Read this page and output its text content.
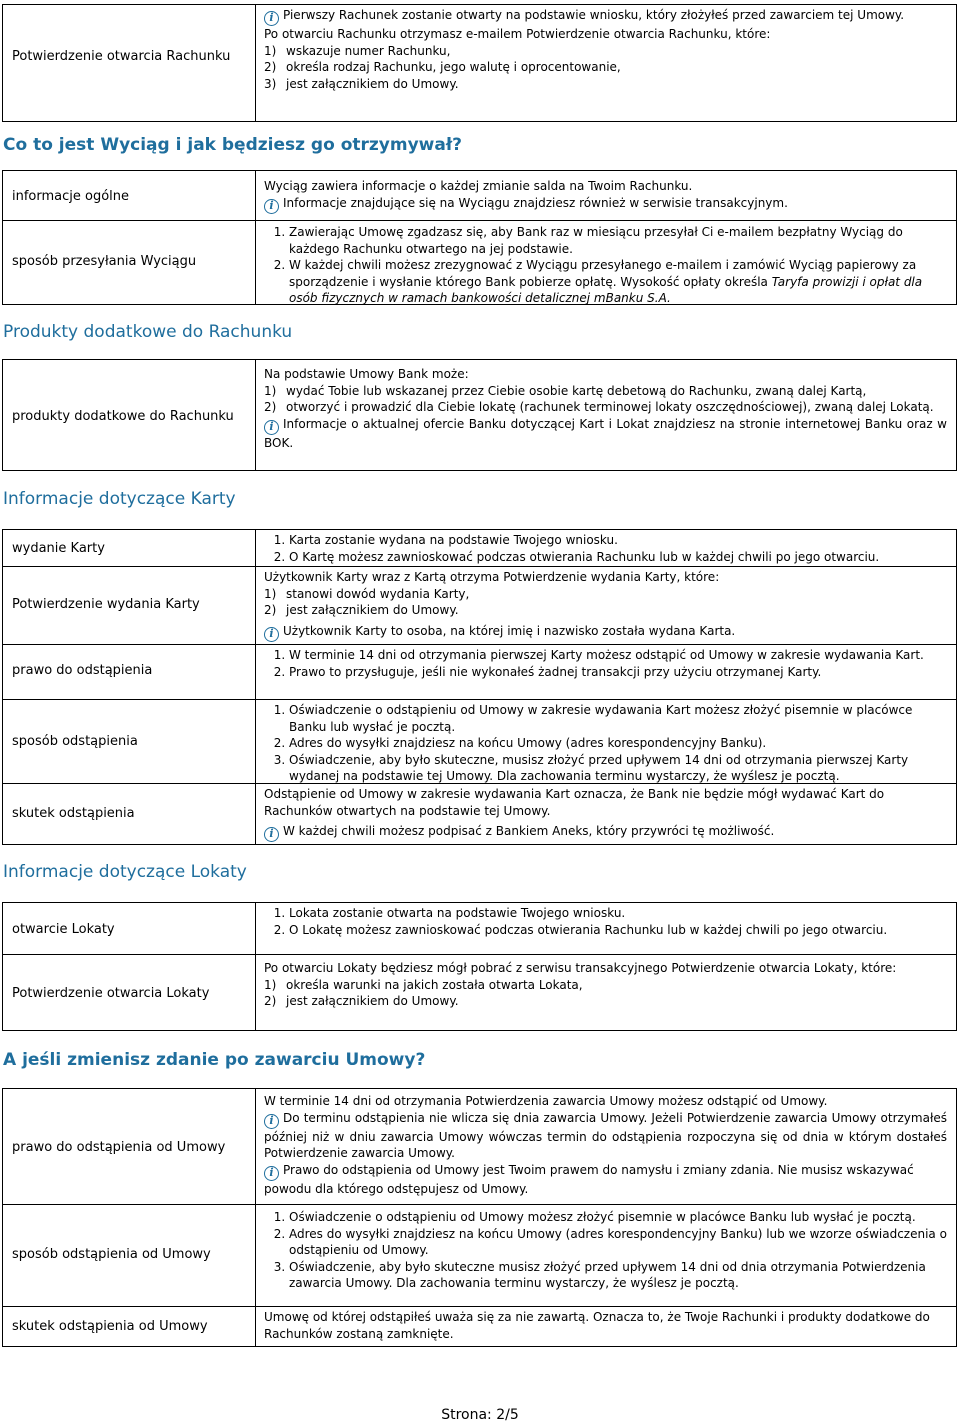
Potwierdzenie otwarcia Rachunku
i Pierwszy Rachunek zostanie otwarty na podstawie wniosku, który złożyłeś przed zawarciem tej Umowy.
Po otwarciu Rachunku otrzymasz e-mailem Potwierdzenie otwarcia Rachunku, które:
1) wskazuje numer Rachunku,
2) określa rodzaj Rachunku, jego walutę i oprocentowanie,
3) jest załącznikiem do Umowy.
Co to jest Wyciąg i jak będziesz go otrzymywał?
informacje ogólne
Wyciąg zawiera informacje o każdej zmianie salda na Twoim Rachunku.
i Informacje znajdujące się na Wyciągu znajdziesz również w serwisie transakcyjnym.
sposób przesyłania Wyciągu
1. Zawierając Umowę zgadzasz się, aby Bank raz w miesiącu przesyłał Ci e-mailem bezpłatny Wyciąg do każdego Rachunku otwartego na jej podstawie.
2. W każdej chwili możesz zrezygnować z Wyciągu przesyłanego e-mailem i zamówić Wyciąg papierowy za sporządzenie i wysłanie którego Bank pobierze opłatę. Wysokość opłaty określa Taryfa prowizji i opłat dla osób fizycznych w ramach bankowości detalicznej mBanku S.A.
Produkty dodatkowe do Rachunku
produkty dodatkowe do Rachunku
Na podstawie Umowy Bank może:
1) wydać Tobie lub wskazanej przez Ciebie osobie kartę debetową do Rachunku, zwaną dalej Kartą,
2) otworzyć i prowadzić dla Ciebie lokatę (rachunek terminowej lokaty oszczędnościowej), zwaną dalej Lokatą.
i Informacje o aktualnej ofercie Banku dotyczącej Kart i Lokat znajdziesz na stronie internetowej Banku oraz w BOK.
Informacje dotyczące Karty
wydanie Karty
1. Karta zostanie wydana na podstawie Twojego wniosku.
2. O Kartę możesz zawnioskować podczas otwierania Rachunku lub w każdej chwili po jego otwarciu.
Potwierdzenie wydania Karty
Użytkownik Karty wraz z Kartą otrzyma Potwierdzenie wydania Karty, które:
1) stanowi dowód wydania Karty,
2) jest załącznikiem do Umowy.
i Użytkownik Karty to osoba, na której imię i nazwisko została wydana Karta.
prawo do odstąpienia
1. W terminie 14 dni od otrzymania pierwszej Karty możesz odstąpić od Umowy w zakresie wydawania Kart.
2. Prawo to przysługuje, jeśli nie wykonałeś żadnej transakcji przy użyciu otrzymanej Karty.
sposób odstąpienia
1. Oświadczenie o odstąpieniu od Umowy w zakresie wydawania Kart możesz złożyć pisemnie w placówce Banku lub wysłać je pocztą.
2. Adres do wysyłki znajdziesz na końcu Umowy (adres korespondencyjny Banku).
3. Oświadczenie, aby było skuteczne, musisz złożyć przed upływem 14 dni od otrzymania pierwszej Karty wydanej na podstawie tej Umowy. Dla zachowania terminu wystarczy, że wyślesz je pocztą.
skutek odstąpienia
Odstąpienie od Umowy w zakresie wydawania Kart oznacza, że Bank nie będzie mógł wydawać Kart do Rachunków otwartych na podstawie tej Umowy.
i W każdej chwili możesz podpisać z Bankiem Aneks, który przywróci tę możliwość.
Informacje dotyczące Lokaty
otwarcie Lokaty
1. Lokata zostanie otwarta na podstawie Twojego wniosku.
2. O Lokatę możesz zawnioskować podczas otwierania Rachunku lub w każdej chwili po jego otwarciu.
Potwierdzenie otwarcia Lokaty
Po otwarciu Lokaty będziesz mógł pobrać z serwisu transakcyjnego Potwierdzenie otwarcia Lokaty, które:
1) określa warunki na jakich została otwarta Lokata,
2) jest załącznikiem do Umowy.
A jeśli zmienisz zdanie po zawarciu Umowy?
prawo do odstąpienia od Umowy
W terminie 14 dni od otrzymania Potwierdzenia zawarcia Umowy możesz odstąpić od Umowy.
i Do terminu odstąpienia nie wlicza się dnia zawarcia Umowy. Jeżeli Potwierdzenie zawarcia Umowy otrzymałeś później niż w dniu zawarcia Umowy wówczas termin do odstąpienia rozpoczyna się od dnia w którym dostałeś Potwierdzenie zawarcia Umowy.
i Prawo do odstąpienia od Umowy jest Twoim prawem do namysłu i zmiany zdania. Nie musisz wskazywać powodu dla którego odstępujesz od Umowy.
sposób odstąpienia od Umowy
1. Oświadczenie o odstąpieniu od Umowy możesz złożyć pisemnie w placówce Banku lub wysłać je pocztą.
2. Adres do wysyłki znajdziesz na końcu Umowy (adres korespondencyjny Banku) lub we wzorze oświadczenia o odstąpieniu od Umowy.
3. Oświadczenie, aby było skuteczne musisz złożyć przed upływem 14 dni od dnia otrzymania Potwierdzenia zawarcia Umowy. Dla zachowania terminu wystarczy, że wyślesz je pocztą.
skutek odstąpienia od Umowy
Umowę od której odstąpiłeś uważa się za nie zawartą. Oznacza to, że Twoje Rachunki i produkty dodatkowe do Rachunków zostaną zamknięte.
Strona: 2/5
